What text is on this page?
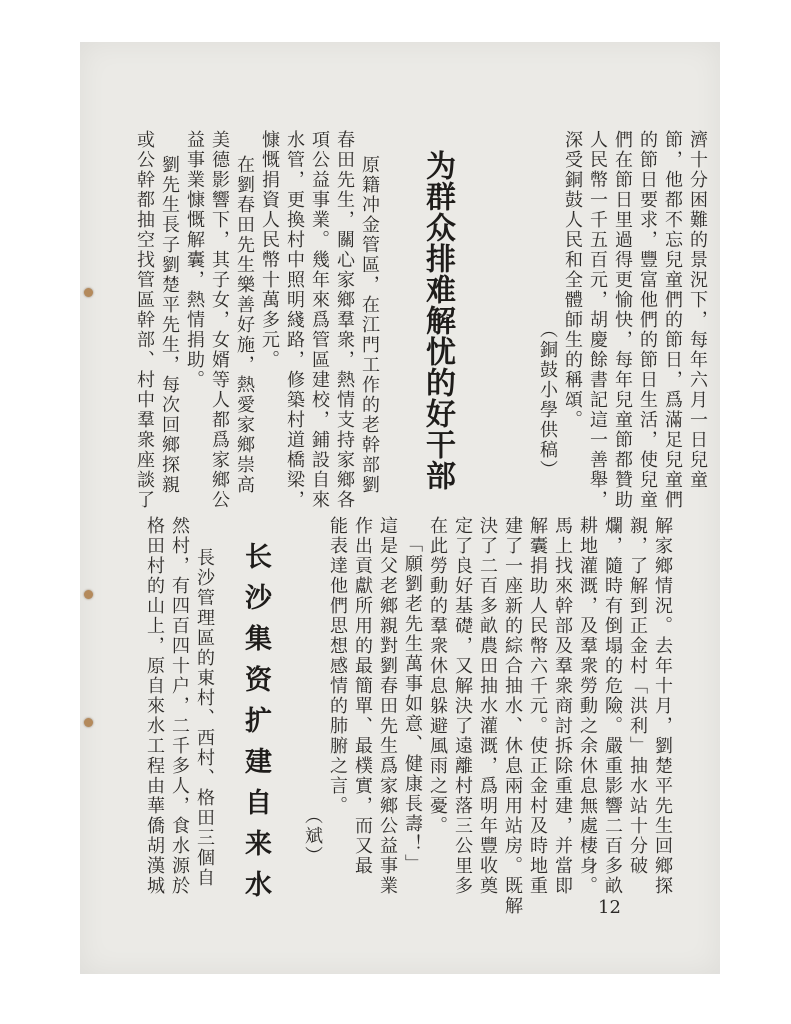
濟十分困難的景況下，每年六月一日兒童
節，他都不忘兒童們的節日，爲滿足兒童們
的節日要求，豐富他們的節日生活，使兒童
們在節日里過得更愉快，每年兒童節都贊助
人民幣一千五百元，胡慶餘書記這一善舉，
深受銅鼓人民和全體師生的稱頌。
（銅鼓小學供稿）
为群众排难解忧的好干部
原籍冲金管區，在江門工作的老幹部劉
春田先生，關心家鄉羣衆，熱情支持家鄉各
項公益事業。幾年來爲管區建校，鋪設自來
水管，更換村中照明綫路，修築村道橋梁，
慷慨捐資人民幣十萬多元。
在劉春田先生樂善好施，熱愛家鄉崇高
美德影響下，其子女，女婿等人都爲家鄉公
益事業慷慨解囊，熱情捐助。
劉先生長子劉楚平先生，每次回鄉探親
或公幹都抽空找管區幹部、村中羣衆座談了
解家鄉情況。去年十月，劉楚平先生回鄉探
親，了解到正金村「洪利」抽水站十分破
爛，隨時有倒塌的危險。嚴重影響二百多畝
耕地灌溉，及羣衆勞動之余休息無處棲身。
馬上找來幹部及羣衆商討拆除重建，并當即
解囊捐助人民幣六千元。使正金村及時地重
建了一座新的綜合抽水、休息兩用站房。既解
決了二百多畝農田抽水灌溉，爲明年豐收奠
定了良好基礎，又解決了遠離村落三公里多
在此勞動的羣衆休息躲避風雨之憂。
「願劉老先生萬事如意、健康長壽！」
這是父老鄉親對劉春田先生爲家鄉公益事業
作出貢獻所用的最簡單、最樸實，而又最
能表達他們思想感情的肺腑之言。
（斌）
长沙集资扩建自来水
長沙管理區的東村、西村、格田三個自
然村，有四百四十户，二千多人，食水源於
格田村的山上，原自來水工程由華僑胡漢城
12
